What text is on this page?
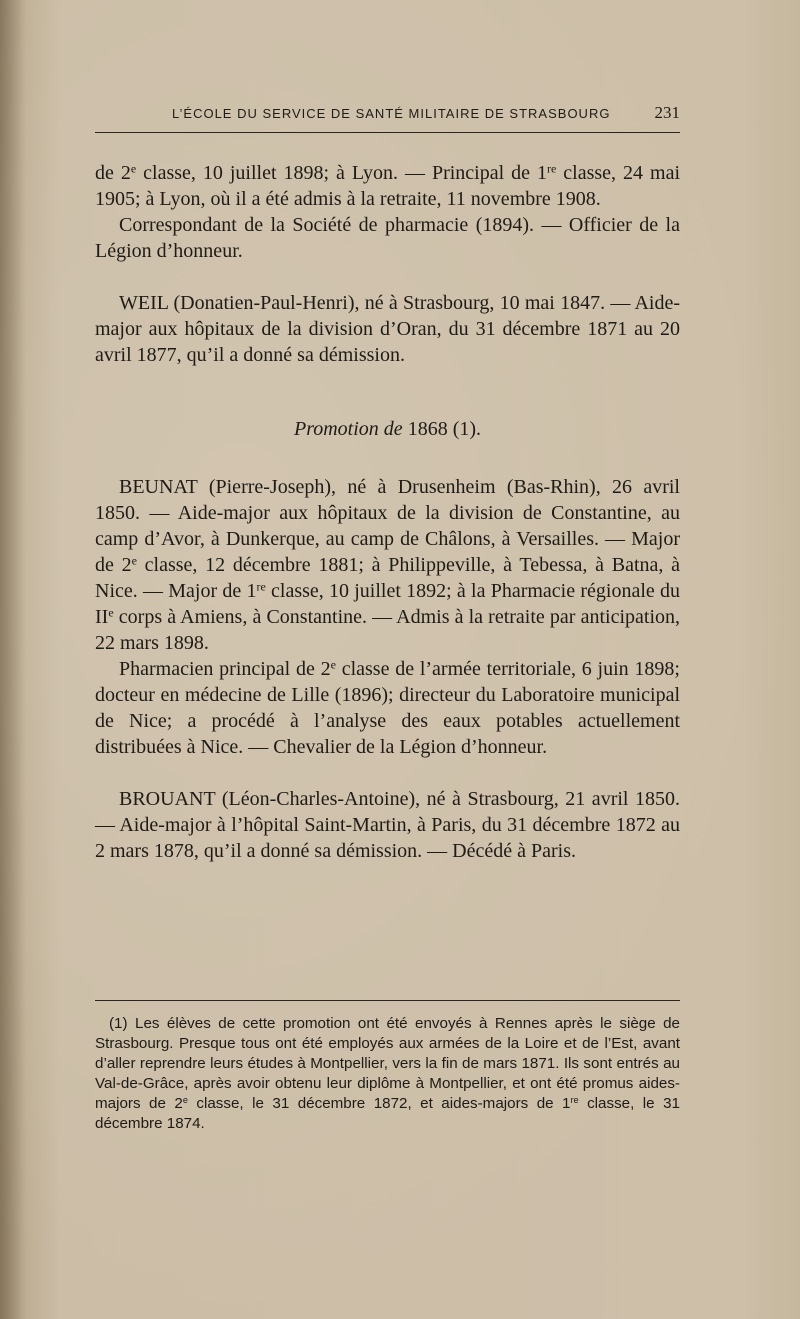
L’ÉCOLE DU SERVICE DE SANTÉ MILITAIRE DE STRASBOURG	231

de 2e classe, 10 juillet 1898; à Lyon. — Principal de 1re classe, 24 mai 1905; à Lyon, où il a été admis à la retraite, 11 novembre 1908.

Correspondant de la Société de pharmacie (1894). — Officier de la Légion d’honneur.

WEIL (Donatien-Paul-Henri), né à Strasbourg, 10 mai 1847. — Aide-major aux hôpitaux de la division d’Oran, du 31 décembre 1871 au 20 avril 1877, qu’il a donné sa démission.

Promotion de 1868 (1).

BEUNAT (Pierre-Joseph), né à Drusenheim (Bas-Rhin), 26 avril 1850. — Aide-major aux hôpitaux de la division de Constantine, au camp d’Avor, à Dunkerque, au camp de Châlons, à Versailles. — Major de 2e classe, 12 décembre 1881; à Philippeville, à Tebessa, à Batna, à Nice. — Major de 1re classe, 10 juillet 1892; à la Pharmacie régionale du IIe corps à Amiens, à Constantine. — Admis à la retraite par anticipation, 22 mars 1898.

Pharmacien principal de 2e classe de l’armée territoriale, 6 juin 1898; docteur en médecine de Lille (1896); directeur du Laboratoire municipal de Nice; a procédé à l’analyse des eaux potables actuellement distribuées à Nice. — Chevalier de la Légion d’honneur.

BROUANT (Léon-Charles-Antoine), né à Strasbourg, 21 avril 1850. — Aide-major à l’hôpital Saint-Martin, à Paris, du 31 décembre 1872 au 2 mars 1878, qu’il a donné sa démission. — Décédé à Paris.

(1) Les élèves de cette promotion ont été envoyés à Rennes après le siège de Strasbourg. Presque tous ont été employés aux armées de la Loire et de l’Est, avant d’aller reprendre leurs études à Montpellier, vers la fin de mars 1871. Ils sont entrés au Val-de-Grâce, après avoir obtenu leur diplôme à Montpellier, et ont été promus aides-majors de 2e classe, le 31 décembre 1872, et aides-majors de 1re classe, le 31 décembre 1874.
